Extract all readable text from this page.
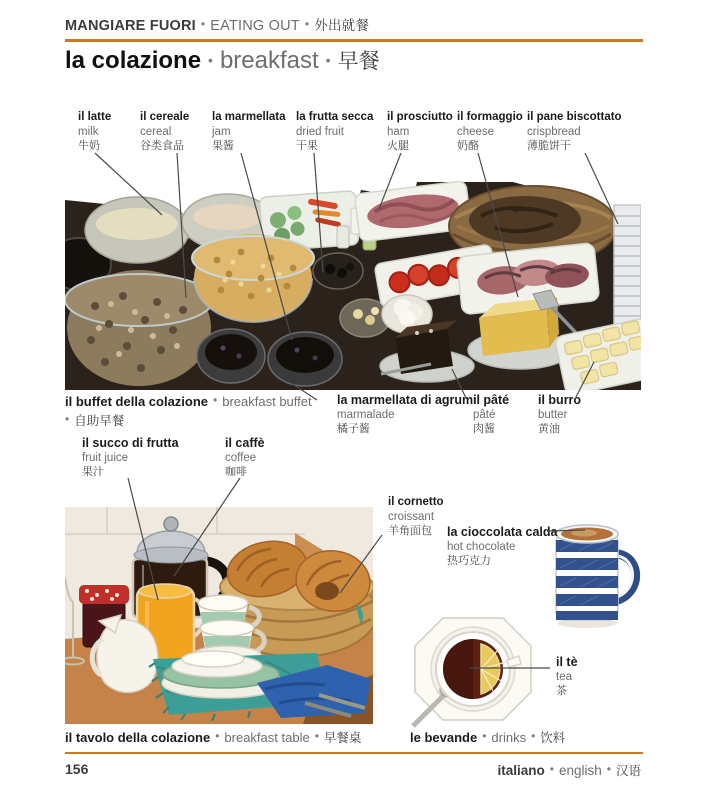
MANGIARE FUORI • EATING OUT • 外出就餐
la colazione • breakfast • 早餐
il latte
milk
牛奶
il cereale
cereal
谷类食品
la marmellata
jam
果酱
la frutta secca
dried fruit
干果
il prosciutto
ham
火腿
il formaggio
cheese
奶酪
il pane biscottato
crispbread
薄脆饼干
il buffet della colazione • breakfast buffet
• 自助早餐
la marmellata di agrumi
marmalade
橘子酱
il pâté
pâté
肉酱
il burro
butter
黄油
il succo di frutta
fruit juice
果汁
il caffè
coffee
咖啡
il cornetto
croissant
羊角面包	la cioccolata calda
hot chocolate
热巧克力
il tè
tea
茶
il tavolo della colazione • breakfast table • 早餐桌	le bevande • drinks • 饮料
156	italiano • english • 汉语
